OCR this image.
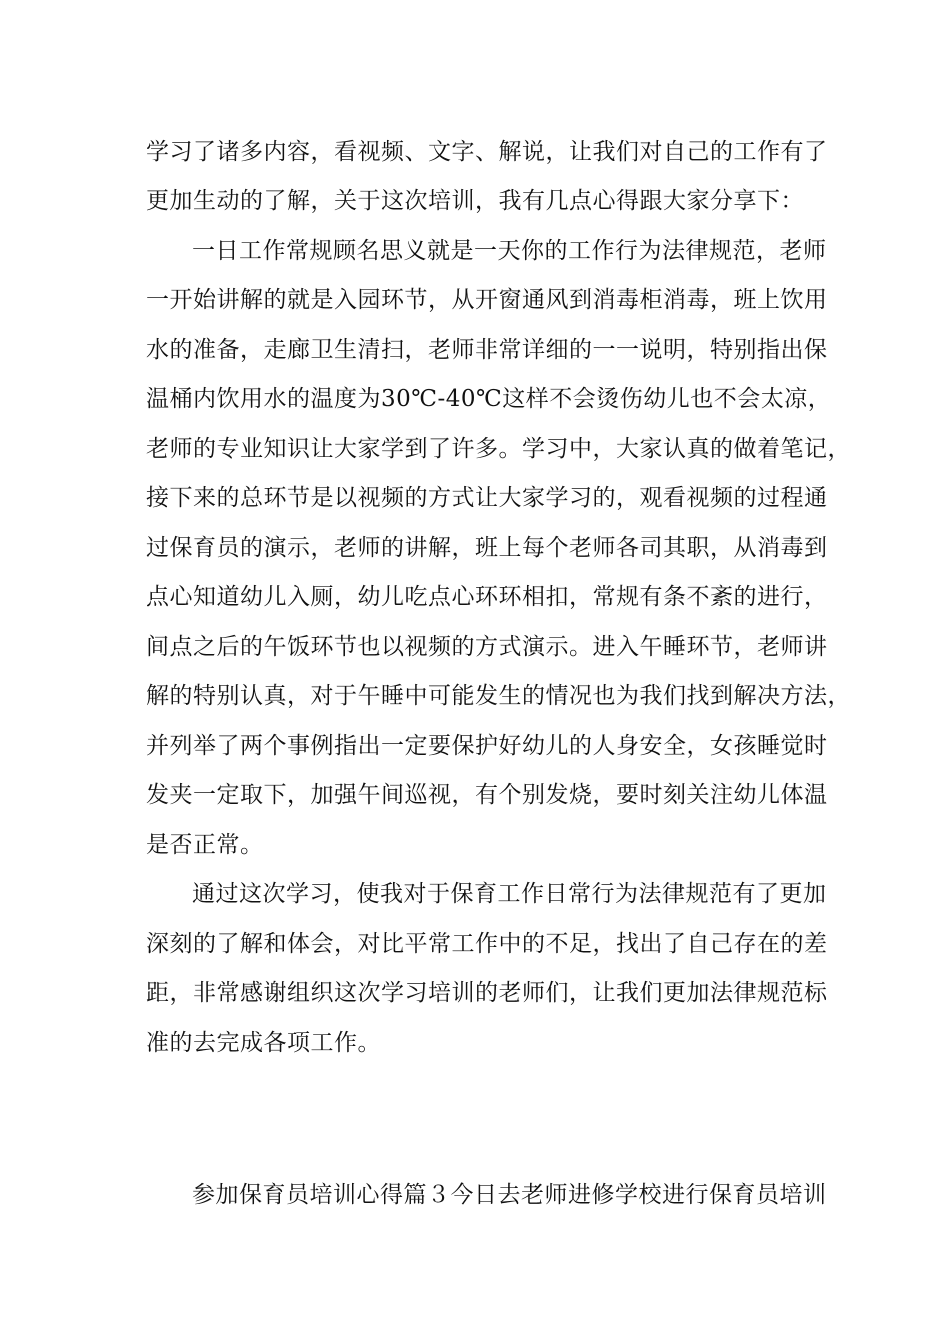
学习了诸多内容，看视频、文字、解说，让我们对自己的工作有了
更加生动的了解，关于这次培训，我有几点心得跟大家分享下：
一日工作常规顾名思义就是一天你的工作行为法律规范，老师
一开始讲解的就是入园环节，从开窗通风到消毒柜消毒，班上饮用
水的准备，走廊卫生清扫，老师非常详细的一一说明，特别指出保
温桶内饮用水的温度为30℃-40℃这样不会烫伤幼儿也不会太凉，
老师的专业知识让大家学到了许多。学习中，大家认真的做着笔记，
接下来的总环节是以视频的方式让大家学习的，观看视频的过程通
过保育员的演示，老师的讲解，班上每个老师各司其职，从消毒到
点心知道幼儿入厕，幼儿吃点心环环相扣，常规有条不紊的进行，
间点之后的午饭环节也以视频的方式演示。进入午睡环节，老师讲
解的特别认真，对于午睡中可能发生的情况也为我们找到解决方法，
并列举了两个事例指出一定要保护好幼儿的人身安全，女孩睡觉时
发夹一定取下，加强午间巡视，有个别发烧，要时刻关注幼儿体温
是否正常。
通过这次学习，使我对于保育工作日常行为法律规范有了更加
深刻的了解和体会，对比平常工作中的不足，找出了自己存在的差
距，非常感谢组织这次学习培训的老师们，让我们更加法律规范标
准的去完成各项工作。
参加保育员培训心得篇３今日去老师进修学校进行保育员培训
